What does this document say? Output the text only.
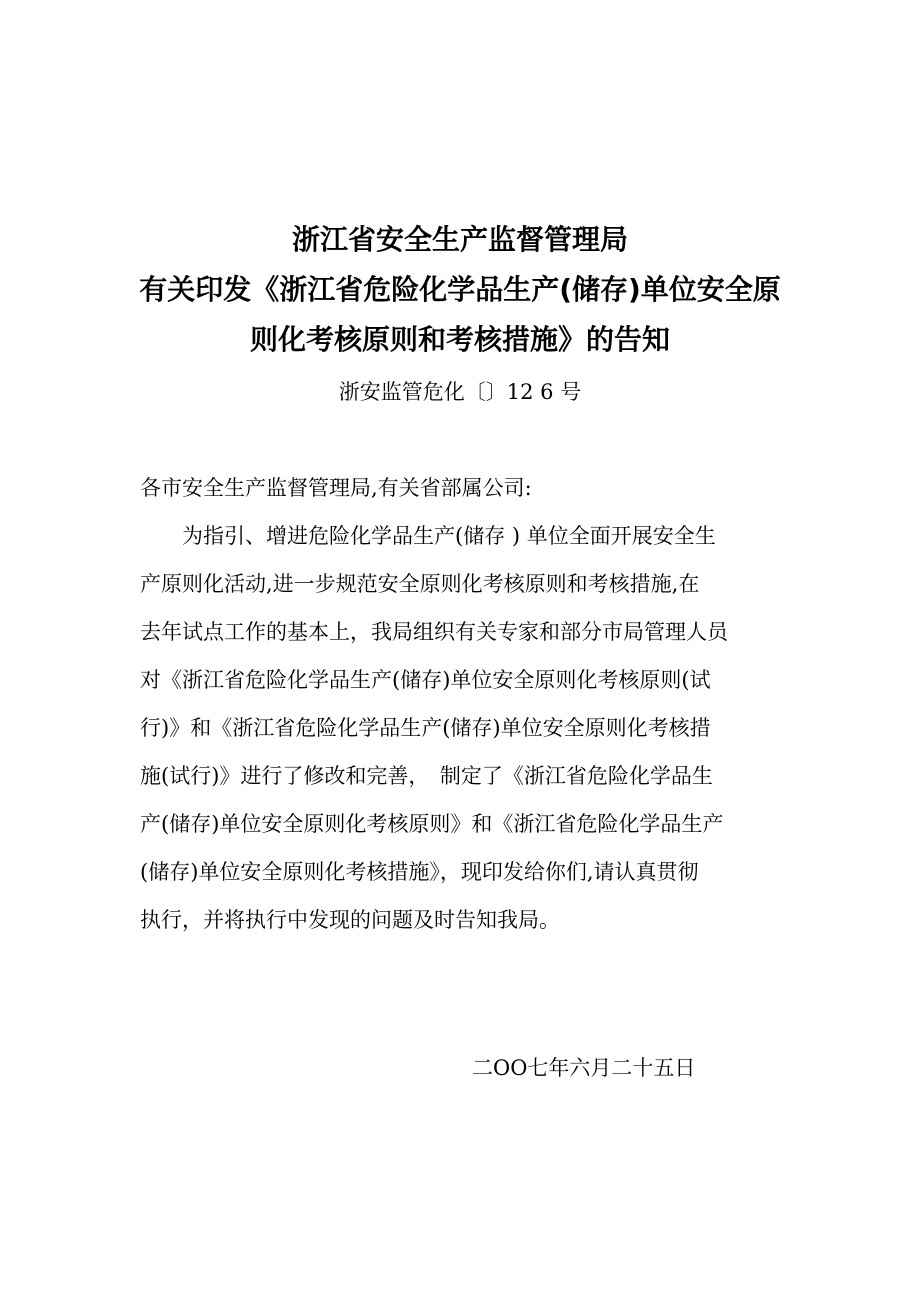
浙江省安全生产监督管理局
有关印发《浙江省危险化学品生产(储存)单位安全原
则化考核原则和考核措施》的告知
浙安监管危化〔〕12 6 号
各市安全生产监督管理局,有关省部属公司:
　　为指引、增进危险化学品生产(储存 ) 单位全面开展安全生
产原则化活动,进一步规范安全原则化考核原则和考核措施,在
去年试点工作的基本上，我局组织有关专家和部分市局管理人员
对《浙江省危险化学品生产(储存)单位安全原则化考核原则(试
行)》和《浙江省危险化学品生产(储存)单位安全原则化考核措
施(试行)》进行了修改和完善，　制定了《浙江省危险化学品生
产(储存)单位安全原则化考核原则》和《浙江省危险化学品生产
(储存)单位安全原则化考核措施》，现印发给你们,请认真贯彻
执行，并将执行中发现的问题及时告知我局。
二OO七年六月二十五日
